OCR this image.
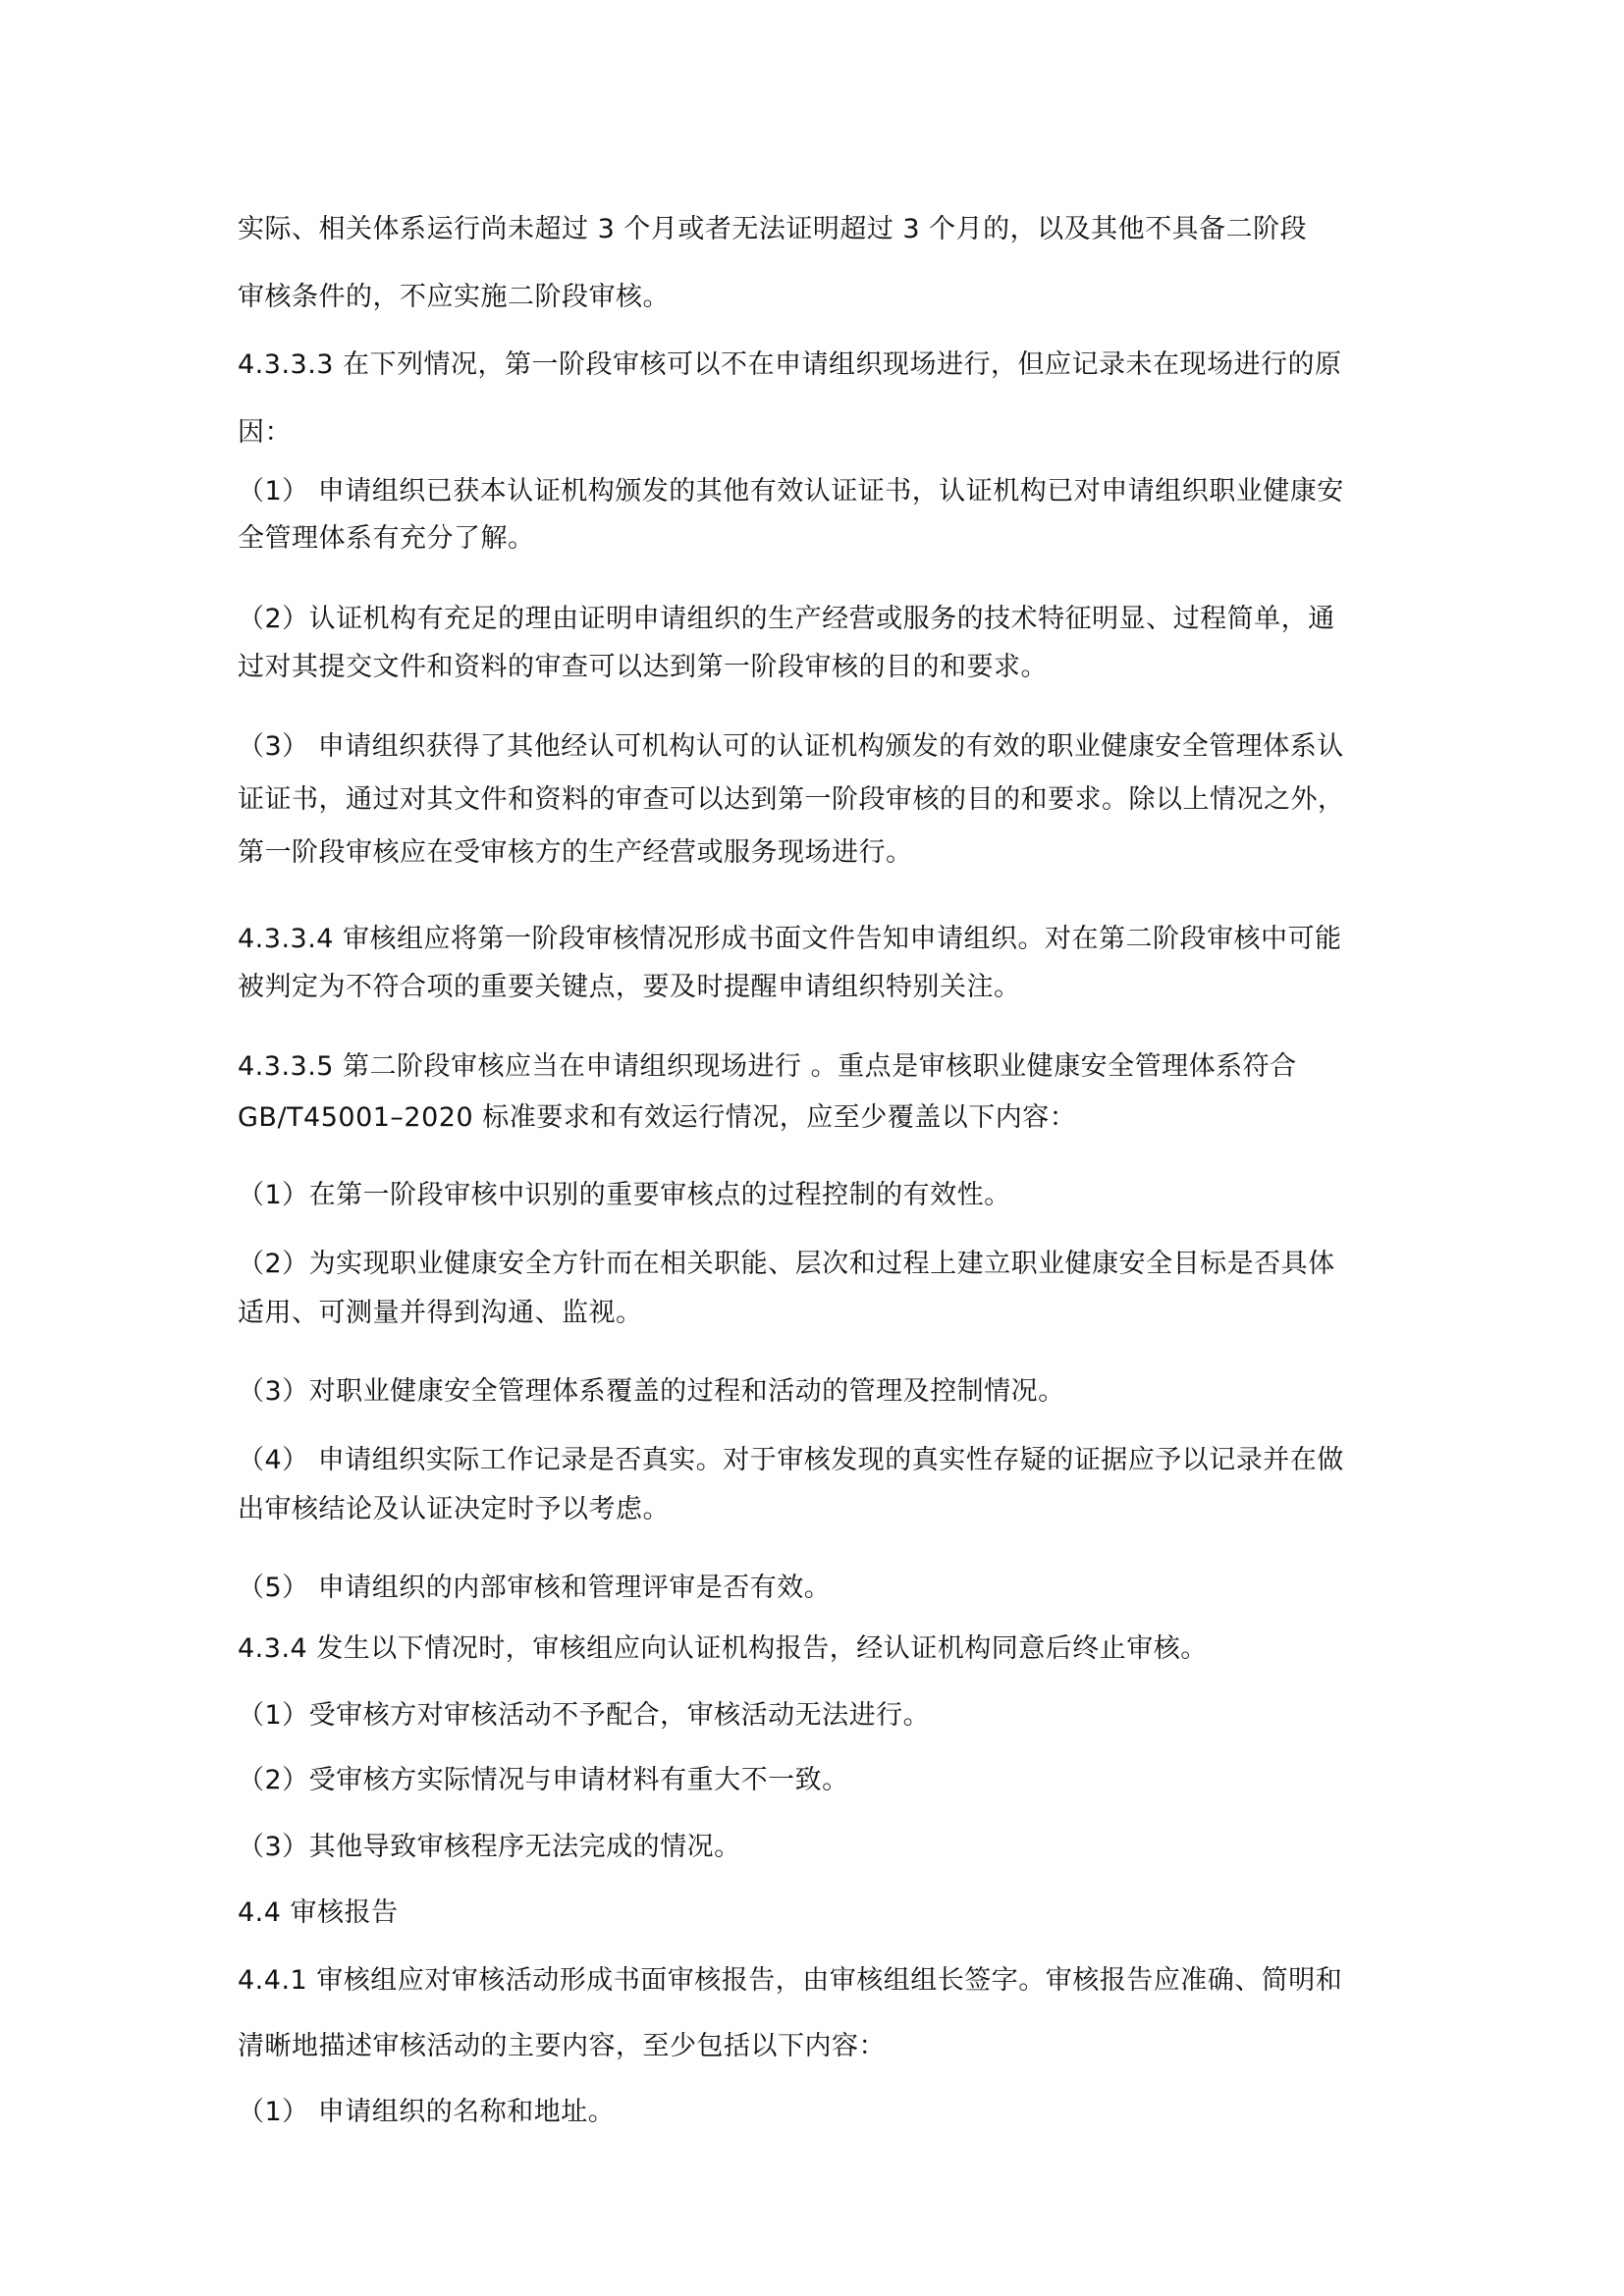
实际、相关体系运行尚未超过 3 个月或者无法证明超过 3 个月的，以及其他不具备二阶段
审核条件的，不应实施二阶段审核。
4.3.3.3 在下列情况，第一阶段审核可以不在申请组织现场进行，但应记录未在现场进行的原
因：
（1） 申请组织已获本认证机构颁发的其他有效认证证书，认证机构已对申请组织职业健康安
全管理体系有充分了解。
（2）认证机构有充足的理由证明申请组织的生产经营或服务的技术特征明显、过程简单，通
过对其提交文件和资料的审查可以达到第一阶段审核的目的和要求。
（3） 申请组织获得了其他经认可机构认可的认证机构颁发的有效的职业健康安全管理体系认
证证书，通过对其文件和资料的审查可以达到第一阶段审核的目的和要求。除以上情况之外，
第一阶段审核应在受审核方的生产经营或服务现场进行。
4.3.3.4 审核组应将第一阶段审核情况形成书面文件告知申请组织。对在第二阶段审核中可能
被判定为不符合项的重要关键点，要及时提醒申请组织特别关注。
4.3.3.5 第二阶段审核应当在申请组织现场进行 。重点是审核职业健康安全管理体系符合
GB/T45001–2020 标准要求和有效运行情况，应至少覆盖以下内容：
（1）在第一阶段审核中识别的重要审核点的过程控制的有效性。
（2）为实现职业健康安全方针而在相关职能、层次和过程上建立职业健康安全目标是否具体
适用、可测量并得到沟通、监视。
（3）对职业健康安全管理体系覆盖的过程和活动的管理及控制情况。
（4） 申请组织实际工作记录是否真实。对于审核发现的真实性存疑的证据应予以记录并在做
出审核结论及认证决定时予以考虑。
（5） 申请组织的内部审核和管理评审是否有效。
4.3.4 发生以下情况时，审核组应向认证机构报告，经认证机构同意后终止审核。
（1）受审核方对审核活动不予配合，审核活动无法进行。
（2）受审核方实际情况与申请材料有重大不一致。
（3）其他导致审核程序无法完成的情况。
4.4 审核报告
4.4.1 审核组应对审核活动形成书面审核报告，由审核组组长签字。审核报告应准确、简明和
清晰地描述审核活动的主要内容，至少包括以下内容：
（1） 申请组织的名称和地址。
